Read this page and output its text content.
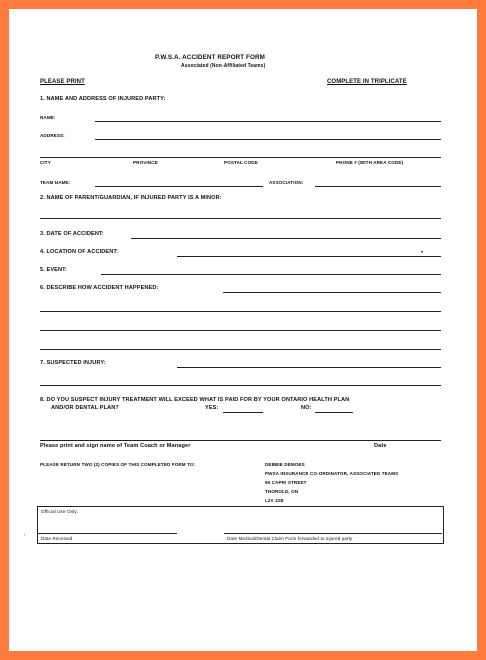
P.W.S.A. ACCIDENT REPORT FORM
Associated (Non-Affiliated Teams)
PLEASE PRINT	COMPLETE IN TRIPLICATE
1. NAME AND ADDRESS OF INJURED PARTY:
NAME:
ADDRESS:
CITY	PROVINCE	POSTAL CODE	PHONE # (WITH AREA CODE)
TEAM NAME:	ASSOCIATION:
2. NAME OF PARENT/GUARDIAN, IF INJURED PARTY IS A MINOR:
3. DATE OF ACCIDENT:
4. LOCATION OF ACCIDENT:	•
5. EVENT:
6. DESCRIBE HOW ACCIDENT HAPPENED:
7. SUSPECTED INJURY:
8. DO YOU SUSPECT INJURY TREATMENT WILL EXCEED WHAT IS PAID FOR BY YOUR ONTARIO HEALTH PLAN
AND/OR DENTAL PLAN?	YES:	NO:
Please print and sign name of Team Coach or Manager	Date
PLEASE RETURN TWO (2) COPIES OF THIS COMPLETED FORM TO:	DEBBIE DEMOES
PWSA INSURANCE CO-ORDINATOR, ASSOCIATED TEAMS
90 CAPRI STREET
THOROLD, ON
L2V 4S8
Official Use Only:
Date Received	Date Medical/Dental Claim Form forwarded to injured party
'
